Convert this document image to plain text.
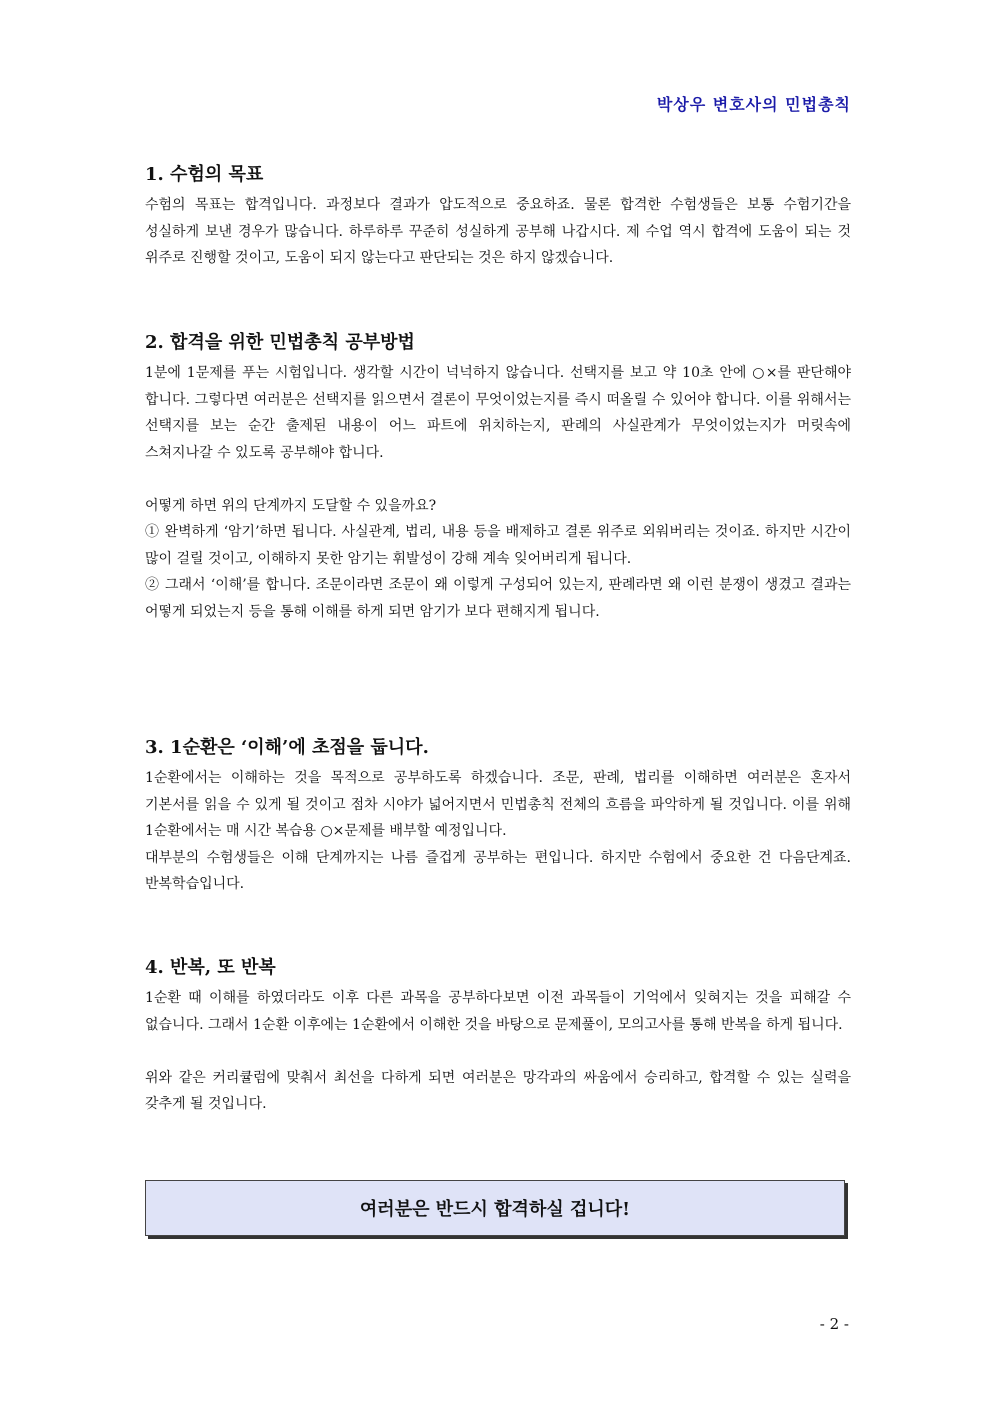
박상우 변호사의 민법총칙
1. 수험의 목표

수험의 목표는 합격입니다. 과정보다 결과가 압도적으로 중요하죠. 물론 합격한 수험생들은 보통 수험기간을 성실하게 보낸 경우가 많습니다. 하루하루 꾸준히 성실하게 공부해 나갑시다. 제 수업 역시 합격에 도움이 되는 것 위주로 진행할 것이고, 도움이 되지 않는다고 판단되는 것은 하지 않겠습니다.

2. 합격을 위한 민법총칙 공부방법

1분에 1문제를 푸는 시험입니다. 생각할 시간이 넉넉하지 않습니다. 선택지를 보고 약 10초 안에 ○×를 판단해야 합니다. 그렇다면 여러분은 선택지를 읽으면서 결론이 무엇이었는지를 즉시 떠올릴 수 있어야 합니다. 이를 위해서는 선택지를 보는 순간 출제된 내용이 어느 파트에 위치하는지, 판례의 사실관계가 무엇이었는지가 머릿속에 스쳐지나갈 수 있도록 공부해야 합니다.

어떻게 하면 위의 단계까지 도달할 수 있을까요?

① 완벽하게 ‘암기’하면 됩니다. 사실관계, 법리, 내용 등을 배제하고 결론 위주로 외워버리는 것이죠. 하지만 시간이 많이 걸릴 것이고, 이해하지 못한 암기는 휘발성이 강해 계속 잊어버리게 됩니다.

② 그래서 ‘이해’를 합니다. 조문이라면 조문이 왜 이렇게 구성되어 있는지, 판례라면 왜 이런 분쟁이 생겼고 결과는 어떻게 되었는지 등을 통해 이해를 하게 되면 암기가 보다 편해지게 됩니다.

3. 1순환은 ‘이해’에 초점을 둡니다.

1순환에서는 이해하는 것을 목적으로 공부하도록 하겠습니다. 조문, 판례, 법리를 이해하면 여러분은 혼자서 기본서를 읽을 수 있게 될 것이고 점차 시야가 넓어지면서 민법총칙 전체의 흐름을 파악하게 될 것입니다. 이를 위해 1순환에서는 매 시간 복습용 ○×문제를 배부할 예정입니다.

대부분의 수험생들은 이해 단계까지는 나름 즐겁게 공부하는 편입니다. 하지만 수험에서 중요한 건 다음단계죠. 반복학습입니다.

4. 반복, 또 반복

1순환 때 이해를 하였더라도 이후 다른 과목을 공부하다보면 이전 과목들이 기억에서 잊혀지는 것을 피해갈 수 없습니다. 그래서 1순환 이후에는 1순환에서 이해한 것을 바탕으로 문제풀이, 모의고사를 통해 반복을 하게 됩니다.

위와 같은 커리큘럼에 맞춰서 최선을 다하게 되면 여러분은 망각과의 싸움에서 승리하고, 합격할 수 있는 실력을 갖추게 될 것입니다.

여러분은 반드시 합격하실 겁니다!
- 2 -
